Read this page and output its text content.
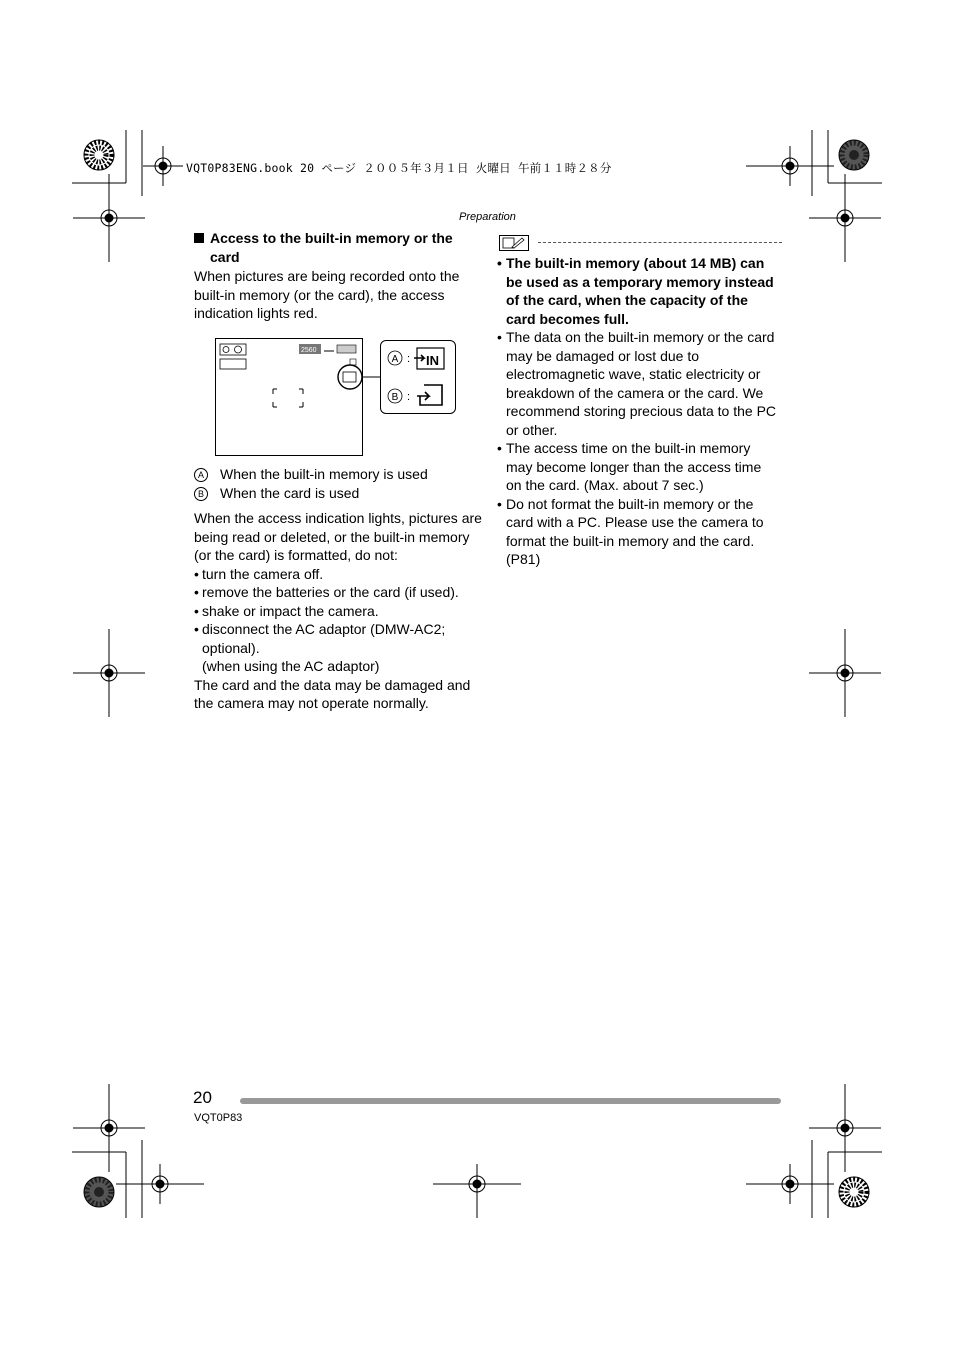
VQT0P83ENG.book 20 ページ ２００５年３月１日 火曜日 午前１１時２８分
Preparation
Access to the built-in memory or the card

When pictures are being recorded onto the built-in memory (or the card), the access indication lights red.

2560
A : IN
B :
A When the built-in memory is used
B When the card is used

When the access indication lights, pictures are being read or deleted, or the built-in memory (or the card) is formatted, do not:

• turn the camera off.
• remove the batteries or the card (if used).
• shake or impact the camera.
• disconnect the AC adaptor (DMW-AC2; optional).
(when using the AC adaptor)

The card and the data may be damaged and the camera may not operate normally.

• The built-in memory (about 14 MB) can be used as a temporary memory instead of the card, when the capacity of the card becomes full.
• The data on the built-in memory or the card may be damaged or lost due to electromagnetic wave, static electricity or breakdown of the camera or the card. We recommend storing precious data to the PC or other.
• The access time on the built-in memory may become longer than the access time on the card. (Max. about 7 sec.)
• Do not format the built-in memory or the card with a PC. Please use the camera to format the built-in memory and the card. (P81)
20
VQT0P83
